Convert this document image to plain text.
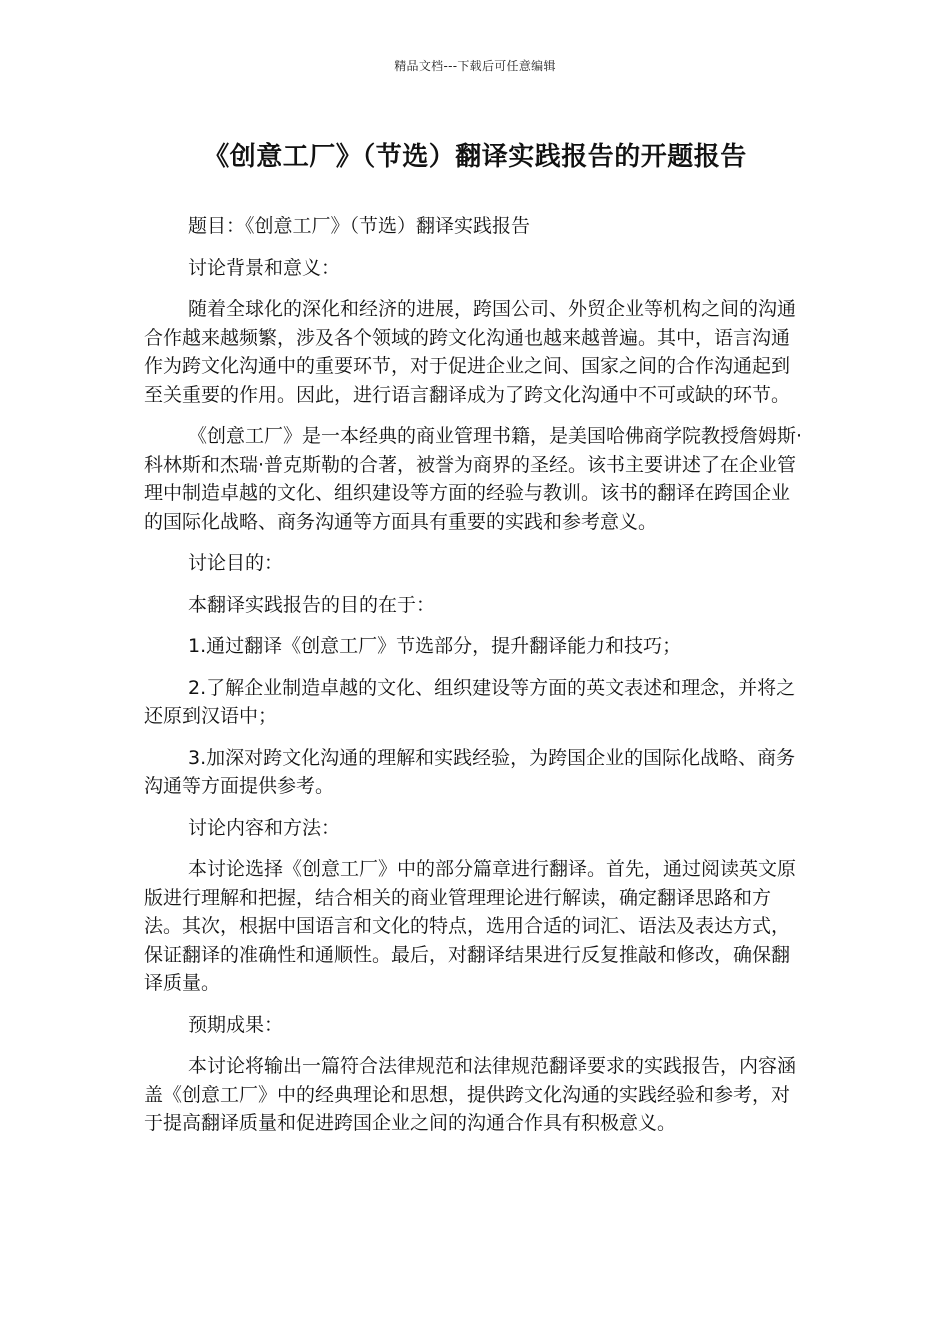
精品文档---下载后可任意编辑
《创意工厂》（节选）翻译实践报告的开题报告

题目：《创意工厂》（节选）翻译实践报告

讨论背景和意义：

随着全球化的深化和经济的进展，跨国公司、外贸企业等机构之间的沟通合作越来越频繁，涉及各个领域的跨文化沟通也越来越普遍。其中，语言沟通作为跨文化沟通中的重要环节，对于促进企业之间、国家之间的合作沟通起到至关重要的作用。因此，进行语言翻译成为了跨文化沟通中不可或缺的环节。

《创意工厂》是一本经典的商业管理书籍，是美国哈佛商学院教授詹姆斯·科林斯和杰瑞·普克斯勒的合著，被誉为商界的圣经。该书主要讲述了在企业管理中制造卓越的文化、组织建设等方面的经验与教训。该书的翻译在跨国企业的国际化战略、商务沟通等方面具有重要的实践和参考意义。

讨论目的：

本翻译实践报告的目的在于：

1.通过翻译《创意工厂》节选部分，提升翻译能力和技巧；

2.了解企业制造卓越的文化、组织建设等方面的英文表述和理念，并将之还原到汉语中；

3.加深对跨文化沟通的理解和实践经验，为跨国企业的国际化战略、商务沟通等方面提供参考。

讨论内容和方法：

本讨论选择《创意工厂》中的部分篇章进行翻译。首先，通过阅读英文原版进行理解和把握，结合相关的商业管理理论进行解读，确定翻译思路和方法。其次，根据中国语言和文化的特点，选用合适的词汇、语法及表达方式，保证翻译的准确性和通顺性。最后，对翻译结果进行反复推敲和修改，确保翻译质量。

预期成果：

本讨论将输出一篇符合法律规范和法律规范翻译要求的实践报告，内容涵盖《创意工厂》中的经典理论和思想，提供跨文化沟通的实践经验和参考，对于提高翻译质量和促进跨国企业之间的沟通合作具有积极意义。
